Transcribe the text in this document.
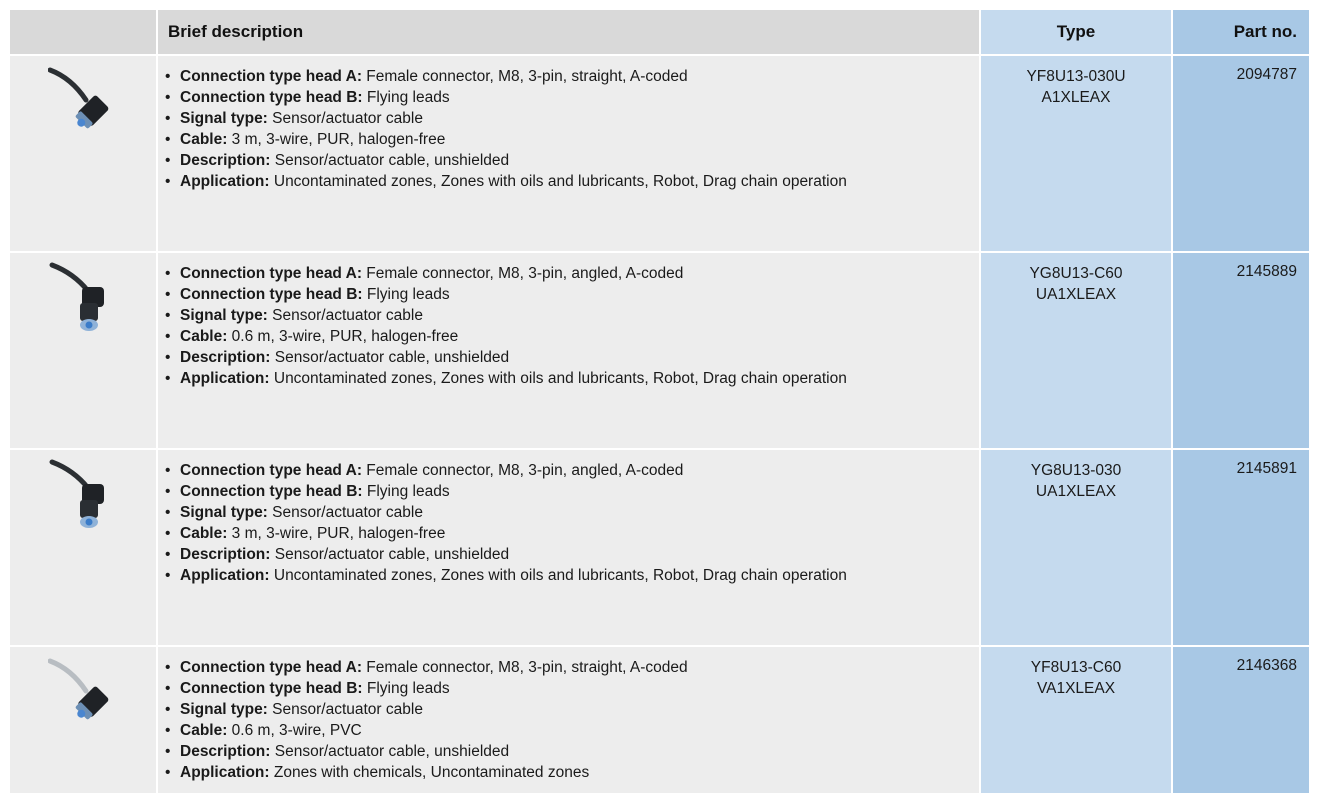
Brief description	Type	Part no.
• Connection type head A: Female connector, M8, 3-pin, straight, A-coded
• Connection type head B: Flying leads
• Signal type: Sensor/actuator cable
• Cable: 3 m, 3-wire, PUR, halogen-free
• Description: Sensor/actuator cable, unshielded
• Application: Uncontaminated zones, Zones with oils and lubricants, Robot, Drag chain operation
YF8U13-030UA1XLEAX
2094787
• Connection type head A: Female connector, M8, 3-pin, angled, A-coded
• Connection type head B: Flying leads
• Signal type: Sensor/actuator cable
• Cable: 0.6 m, 3-wire, PUR, halogen-free
• Description: Sensor/actuator cable, unshielded
• Application: Uncontaminated zones, Zones with oils and lubricants, Robot, Drag chain operation
YG8U13-C60UA1XLEAX
2145889
• Connection type head A: Female connector, M8, 3-pin, angled, A-coded
• Connection type head B: Flying leads
• Signal type: Sensor/actuator cable
• Cable: 3 m, 3-wire, PUR, halogen-free
• Description: Sensor/actuator cable, unshielded
• Application: Uncontaminated zones, Zones with oils and lubricants, Robot, Drag chain operation
YG8U13-030UA1XLEAX
2145891
• Connection type head A: Female connector, M8, 3-pin, straight, A-coded
• Connection type head B: Flying leads
• Signal type: Sensor/actuator cable
• Cable: 0.6 m, 3-wire, PVC
• Description: Sensor/actuator cable, unshielded
• Application: Zones with chemicals, Uncontaminated zones
YF8U13-C60VA1XLEAX
2146368
